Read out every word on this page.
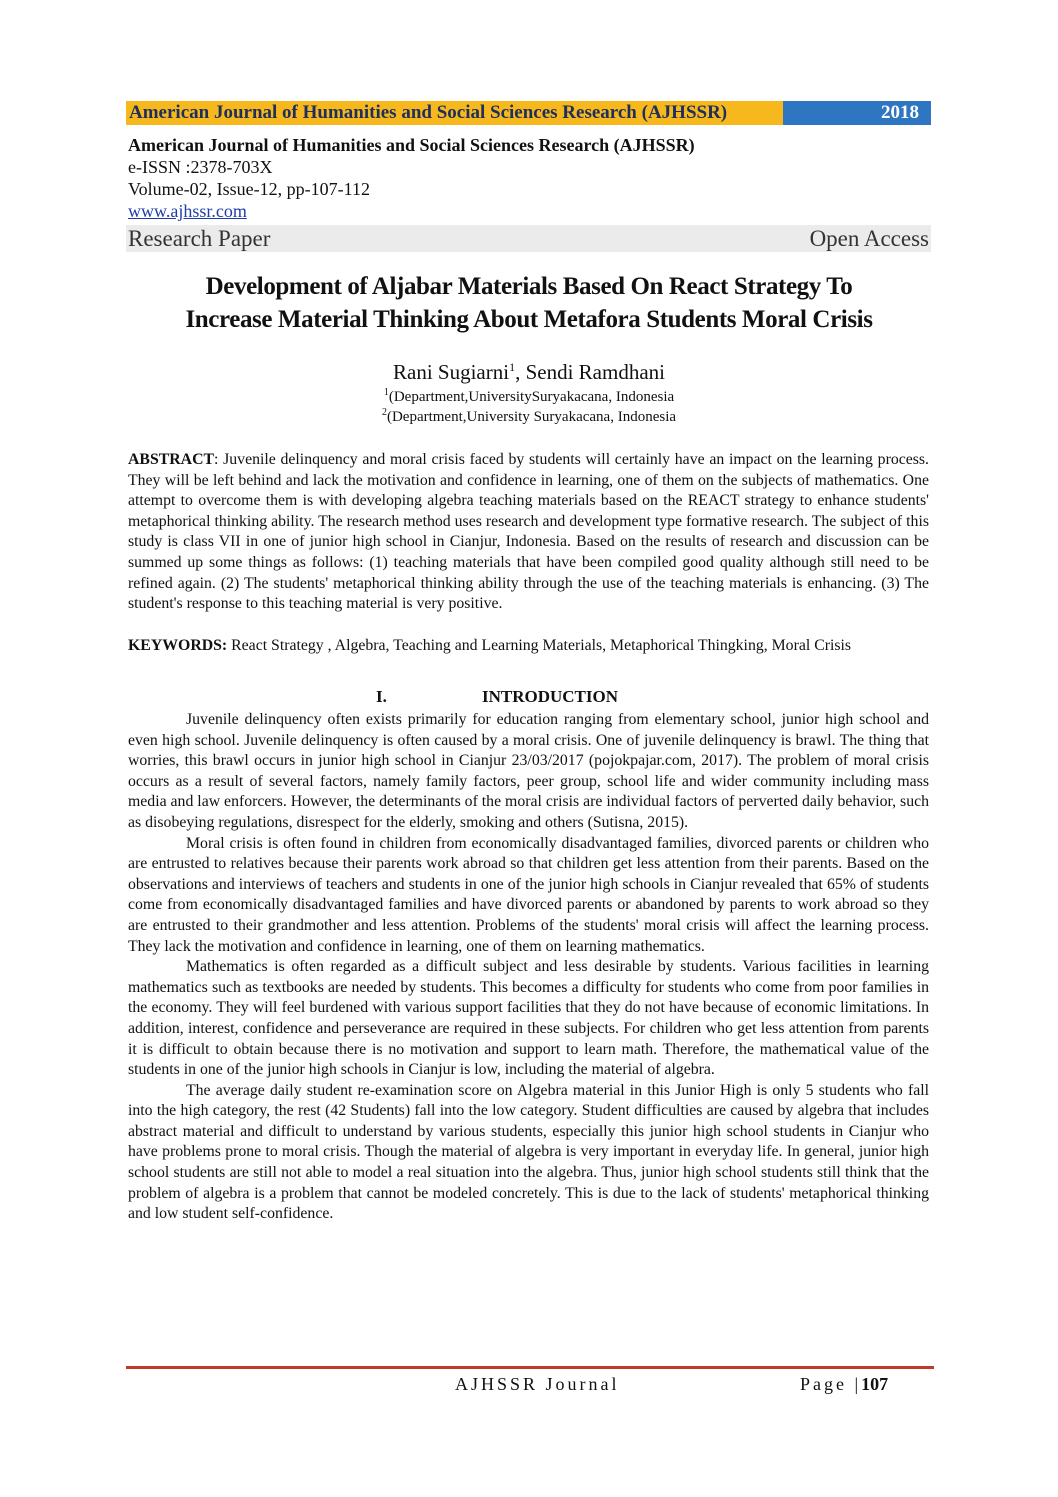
American Journal of Humanities and Social Sciences Research (AJHSSR)	2018
American Journal of Humanities and Social Sciences Research (AJHSSR)
e-ISSN :2378-703X
Volume-02, Issue-12, pp-107-112
www.ajhssr.com
Research Paper	Open Access
Development of Aljabar Materials Based On React Strategy To
Increase Material Thinking About Metafora Students Moral Crisis
Rani Sugiarni$^1$, Sendi Ramdhani
$^1$(Department,UniversitySuryakacana, Indonesia
$^2$(Department,University Suryakacana, Indonesia
ABSTRACT: Juvenile delinquency and moral crisis faced by students will certainly have an impact on the learning process. They will be left behind and lack the motivation and confidence in learning, one of them on the subjects of mathematics. One attempt to overcome them is with developing algebra teaching materials based on the REACT strategy to enhance students' metaphorical thinking ability. The research method uses research and development type formative research. The subject of this study is class VII in one of junior high school in Cianjur, Indonesia. Based on the results of research and discussion can be summed up some things as follows: (1) teaching materials that have been compiled good quality although still need to be refined again. (2) The students' metaphorical thinking ability through the use of the teaching materials is enhancing. (3) The student's response to this teaching material is very positive.
KEYWORDS: React Strategy , Algebra, Teaching and Learning Materials, Metaphorical Thingking, Moral Crisis
I.	INTRODUCTION

Juvenile delinquency often exists primarily for education ranging from elementary school, junior high school and even high school. Juvenile delinquency is often caused by a moral crisis. One of juvenile delinquency is brawl. The thing that worries, this brawl occurs in junior high school in Cianjur 23/03/2017 (pojokpajar.com, 2017). The problem of moral crisis occurs as a result of several factors, namely family factors, peer group, school life and wider community including mass media and law enforcers. However, the determinants of the moral crisis are individual factors of perverted daily behavior, such as disobeying regulations, disrespect for the elderly, smoking and others (Sutisna, 2015).

Moral crisis is often found in children from economically disadvantaged families, divorced parents or children who are entrusted to relatives because their parents work abroad so that children get less attention from their parents. Based on the observations and interviews of teachers and students in one of the junior high schools in Cianjur revealed that 65% of students come from economically disadvantaged families and have divorced parents or abandoned by parents to work abroad so they are entrusted to their grandmother and less attention. Problems of the students' moral crisis will affect the learning process. They lack the motivation and confidence in learning, one of them on learning mathematics.

Mathematics is often regarded as a difficult subject and less desirable by students. Various facilities in learning mathematics such as textbooks are needed by students. This becomes a difficulty for students who come from poor families in the economy. They will feel burdened with various support facilities that they do not have because of economic limitations. In addition, interest, confidence and perseverance are required in these subjects. For children who get less attention from parents it is difficult to obtain because there is no motivation and support to learn math. Therefore, the mathematical value of the students in one of the junior high schools in Cianjur is low, including the material of algebra.

The average daily student re-examination score on Algebra material in this Junior High is only 5 students who fall into the high category, the rest (42 Students) fall into the low category. Student difficulties are caused by algebra that includes abstract material and difficult to understand by various students, especially this junior high school students in Cianjur who have problems prone to moral crisis. Though the material of algebra is very important in everyday life. In general, junior high school students are still not able to model a real situation into the algebra. Thus, junior high school students still think that the problem of algebra is a problem that cannot be modeled concretely. This is due to the lack of students' metaphorical thinking and low student self-confidence.

AJHSSR Journal	Page |107
